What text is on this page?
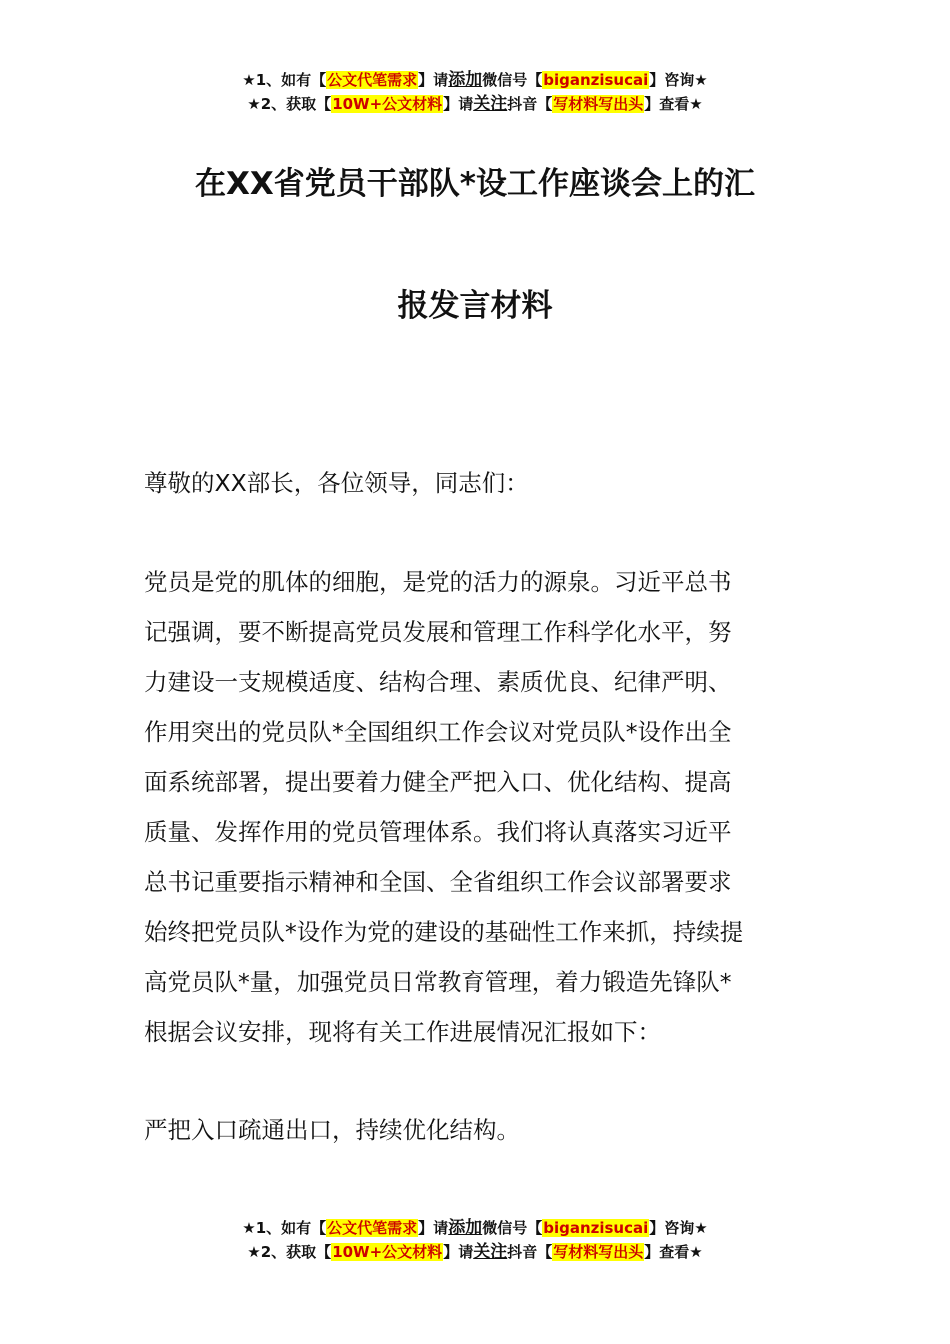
★1、如有【公文代笔需求】请添加微信号【biganzisucai】咨询★
★2、获取【10W+公文材料】请关注抖音【写材料写出头】查看★
在XX省党员干部队*设工作座谈会上的汇
报发言材料
尊敬的XX部长，各位领导，同志们：
党员是党的肌体的细胞，是党的活力的源泉。习近平总书
记强调，要不断提高党员发展和管理工作科学化水平，努
力建设一支规模适度、结构合理、素质优良、纪律严明、
作用突出的党员队*全国组织工作会议对党员队*设作出全
面系统部署，提出要着力健全严把入口、优化结构、提高
质量、发挥作用的党员管理体系。我们将认真落实习近平
总书记重要指示精神和全国、全省组织工作会议部署要求
始终把党员队*设作为党的建设的基础性工作来抓，持续提
高党员队*量，加强党员日常教育管理，着力锻造先锋队*
根据会议安排，现将有关工作进展情况汇报如下：
严把入口疏通出口，持续优化结构。
★1、如有【公文代笔需求】请添加微信号【biganzisucai】咨询★
★2、获取【10W+公文材料】请关注抖音【写材料写出头】查看★
